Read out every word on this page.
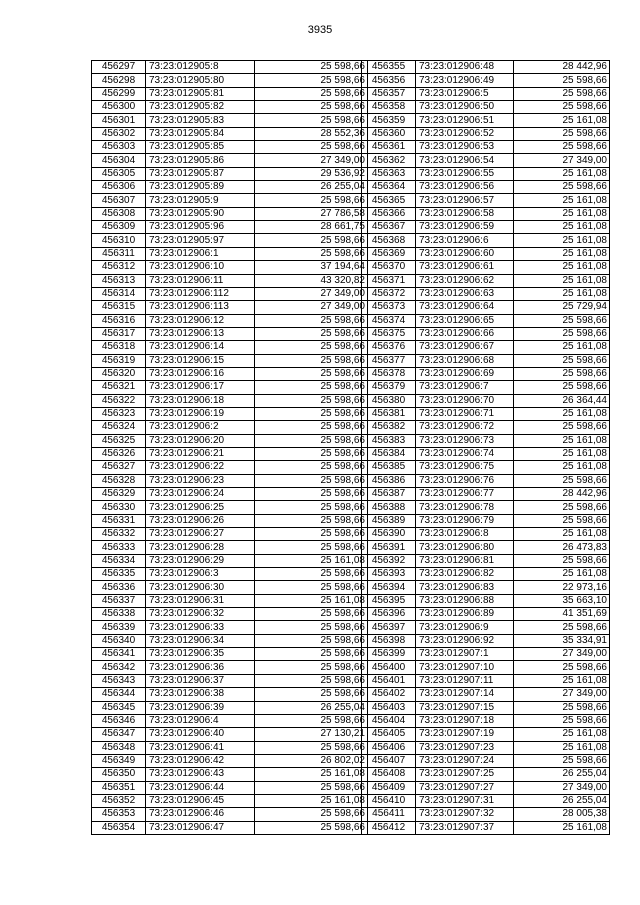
3935
456297	73:23:012905:8	25 598,66
456298	73:23:012905:80	25 598,66
456299	73:23:012905:81	25 598,66
456300	73:23:012905:82	25 598,66
456301	73:23:012905:83	25 598,66
456302	73:23:012905:84	28 552,36
456303	73:23:012905:85	25 598,66
456304	73:23:012905:86	27 349,00
456305	73:23:012905:87	29 536,92
456306	73:23:012905:89	26 255,04
456307	73:23:012905:9	25 598,66
456308	73:23:012905:90	27 786,58
456309	73:23:012905:96	28 661,75
456310	73:23:012905:97	25 598,66
456311	73:23:012906:1	25 598,66
456312	73:23:012906:10	37 194,64
456313	73:23:012906:11	43 320,82
456314	73:23:012906:112	27 349,00
456315	73:23:012906:113	27 349,00
456316	73:23:012906:12	25 598,66
456317	73:23:012906:13	25 598,66
456318	73:23:012906:14	25 598,66
456319	73:23:012906:15	25 598,66
456320	73:23:012906:16	25 598,66
456321	73:23:012906:17	25 598,66
456322	73:23:012906:18	25 598,66
456323	73:23:012906:19	25 598,66
456324	73:23:012906:2	25 598,66
456325	73:23:012906:20	25 598,66
456326	73:23:012906:21	25 598,66
456327	73:23:012906:22	25 598,66
456328	73:23:012906:23	25 598,66
456329	73:23:012906:24	25 598,66
456330	73:23:012906:25	25 598,66
456331	73:23:012906:26	25 598,66
456332	73:23:012906:27	25 598,66
456333	73:23:012906:28	25 598,66
456334	73:23:012906:29	25 161,08
456335	73:23:012906:3	25 598,66
456336	73:23:012906:30	25 598,66
456337	73:23:012906:31	25 161,08
456338	73:23:012906:32	25 598,66
456339	73:23:012906:33	25 598,66
456340	73:23:012906:34	25 598,66
456341	73:23:012906:35	25 598,66
456342	73:23:012906:36	25 598,66
456343	73:23:012906:37	25 598,66
456344	73:23:012906:38	25 598,66
456345	73:23:012906:39	26 255,04
456346	73:23:012906:4	25 598,66
456347	73:23:012906:40	27 130,21
456348	73:23:012906:41	25 598,66
456349	73:23:012906:42	26 802,02
456350	73:23:012906:43	25 161,08
456351	73:23:012906:44	25 598,66
456352	73:23:012906:45	25 161,08
456353	73:23:012906:46	25 598,66
456354	73:23:012906:47	25 598,66
456355	73:23:012906:48	28 442,96
456356	73:23:012906:49	25 598,66
456357	73:23:012906:5	25 598,66
456358	73:23:012906:50	25 598,66
456359	73:23:012906:51	25 161,08
456360	73:23:012906:52	25 598,66
456361	73:23:012906:53	25 598,66
456362	73:23:012906:54	27 349,00
456363	73:23:012906:55	25 161,08
456364	73:23:012906:56	25 598,66
456365	73:23:012906:57	25 161,08
456366	73:23:012906:58	25 161,08
456367	73:23:012906:59	25 161,08
456368	73:23:012906:6	25 161,08
456369	73:23:012906:60	25 161,08
456370	73:23:012906:61	25 161,08
456371	73:23:012906:62	25 161,08
456372	73:23:012906:63	25 161,08
456373	73:23:012906:64	25 729,94
456374	73:23:012906:65	25 598,66
456375	73:23:012906:66	25 598,66
456376	73:23:012906:67	25 161,08
456377	73:23:012906:68	25 598,66
456378	73:23:012906:69	25 598,66
456379	73:23:012906:7	25 598,66
456380	73:23:012906:70	26 364,44
456381	73:23:012906:71	25 161,08
456382	73:23:012906:72	25 598,66
456383	73:23:012906:73	25 161,08
456384	73:23:012906:74	25 161,08
456385	73:23:012906:75	25 161,08
456386	73:23:012906:76	25 598,66
456387	73:23:012906:77	28 442,96
456388	73:23:012906:78	25 598,66
456389	73:23:012906:79	25 598,66
456390	73:23:012906:8	25 161,08
456391	73:23:012906:80	26 473,83
456392	73:23:012906:81	25 598,66
456393	73:23:012906:82	25 161,08
456394	73:23:012906:83	22 973,16
456395	73:23:012906:88	35 663,10
456396	73:23:012906:89	41 351,69
456397	73:23:012906:9	25 598,66
456398	73:23:012906:92	35 334,91
456399	73:23:012907:1	27 349,00
456400	73:23:012907:10	25 598,66
456401	73:23:012907:11	25 161,08
456402	73:23:012907:14	27 349,00
456403	73:23:012907:15	25 598,66
456404	73:23:012907:18	25 598,66
456405	73:23:012907:19	25 161,08
456406	73:23:012907:23	25 161,08
456407	73:23:012907:24	25 598,66
456408	73:23:012907:25	26 255,04
456409	73:23:012907:27	27 349,00
456410	73:23:012907:31	26 255,04
456411	73:23:012907:32	28 005,38
456412	73:23:012907:37	25 161,08
